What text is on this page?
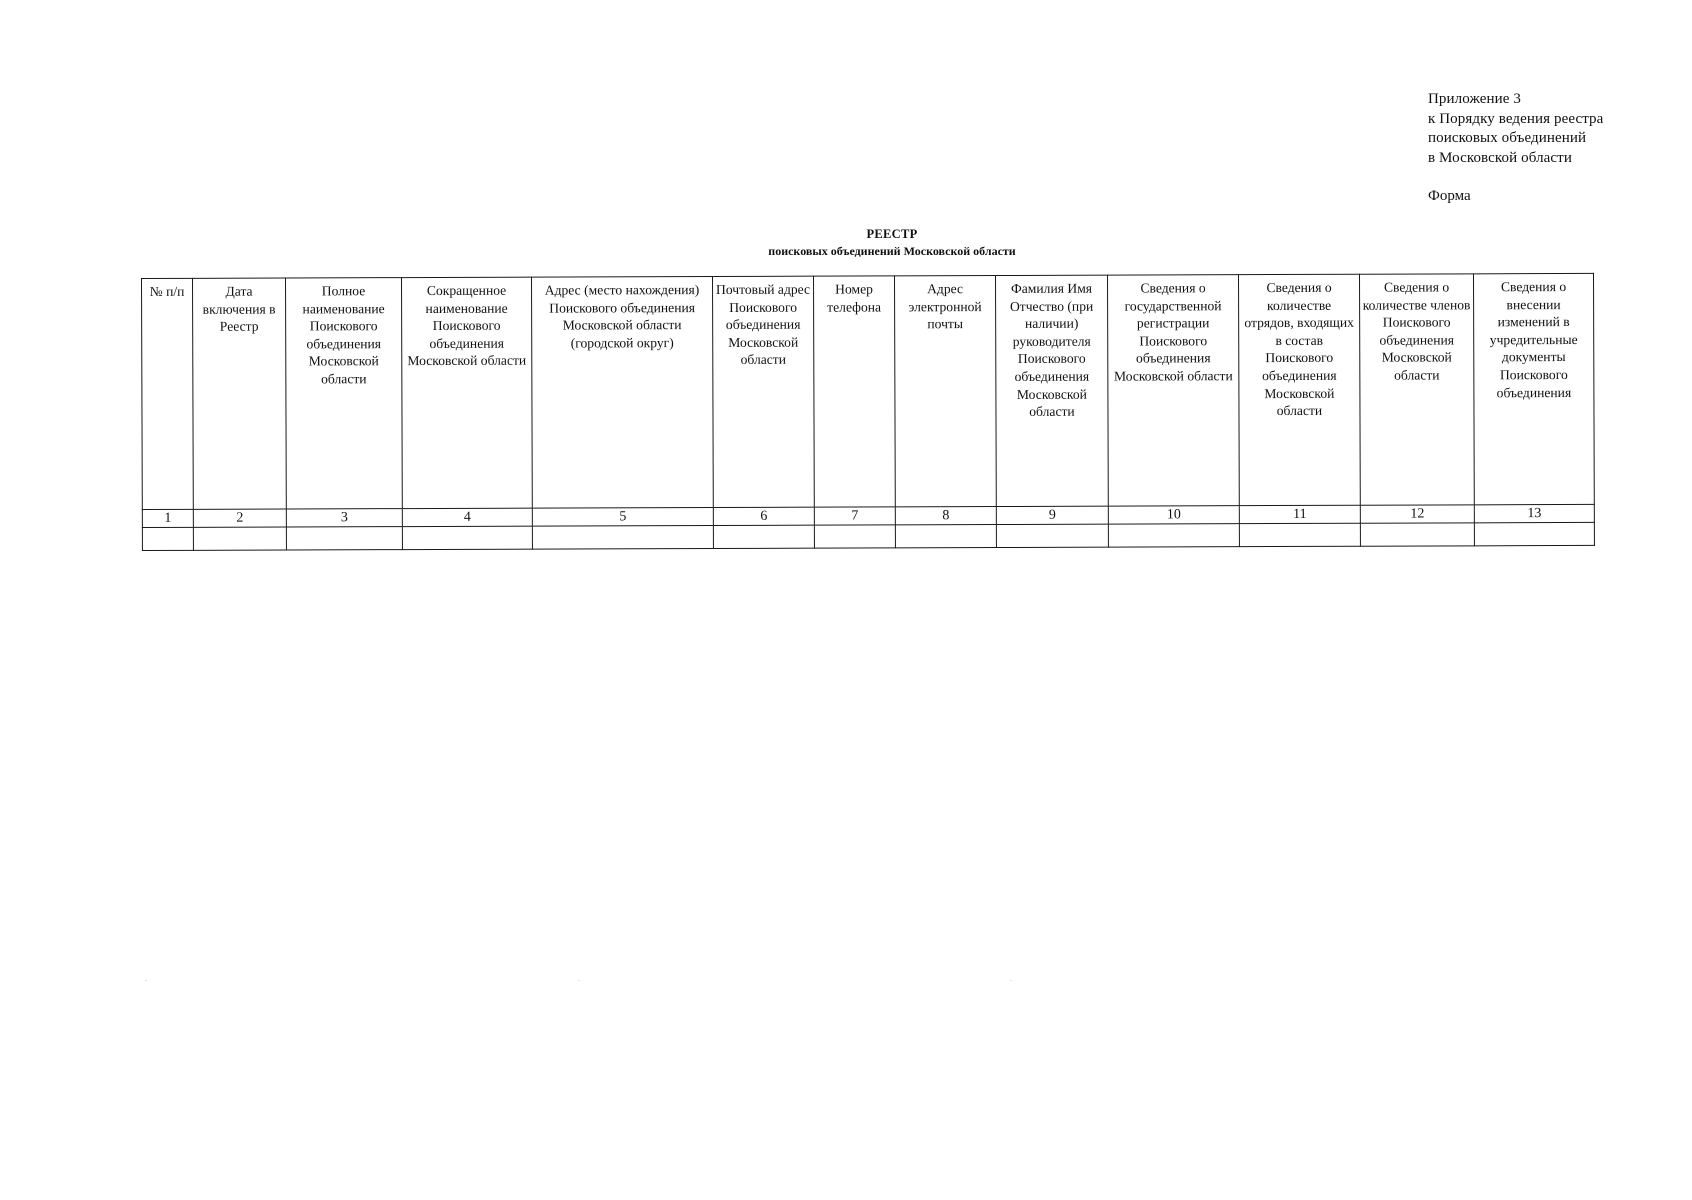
Приложение 3
к Порядку ведения реестра
поисковых объединений
в Московской области
Форма
РЕЕСТР
поисковых объединений Московской области
№ п/п	Дата включения в Реестр	Полное наименование Поискового объединения Московской области	Сокращенное наименование Поискового объединения Московской области	Адрес (место нахождения) Поискового объединения Московской области (городской округ)	Почтовый адрес Поискового объединения Московской области	Номер телефона	Адрес электронной почты	Фамилия Имя Отчество (при наличии) руководителя Поискового объединения Московской области	Сведения о государственной регистрации Поискового объединения Московской области	Сведения о количестве отрядов, входящих в состав Поискового объединения Московской области	Сведения о количестве членов Поискового объединения Московской области	Сведения о внесении изменений в учредительные документы Поискового объединения
1	2	3	4	5	6	7	8	9	10	11	12	13
